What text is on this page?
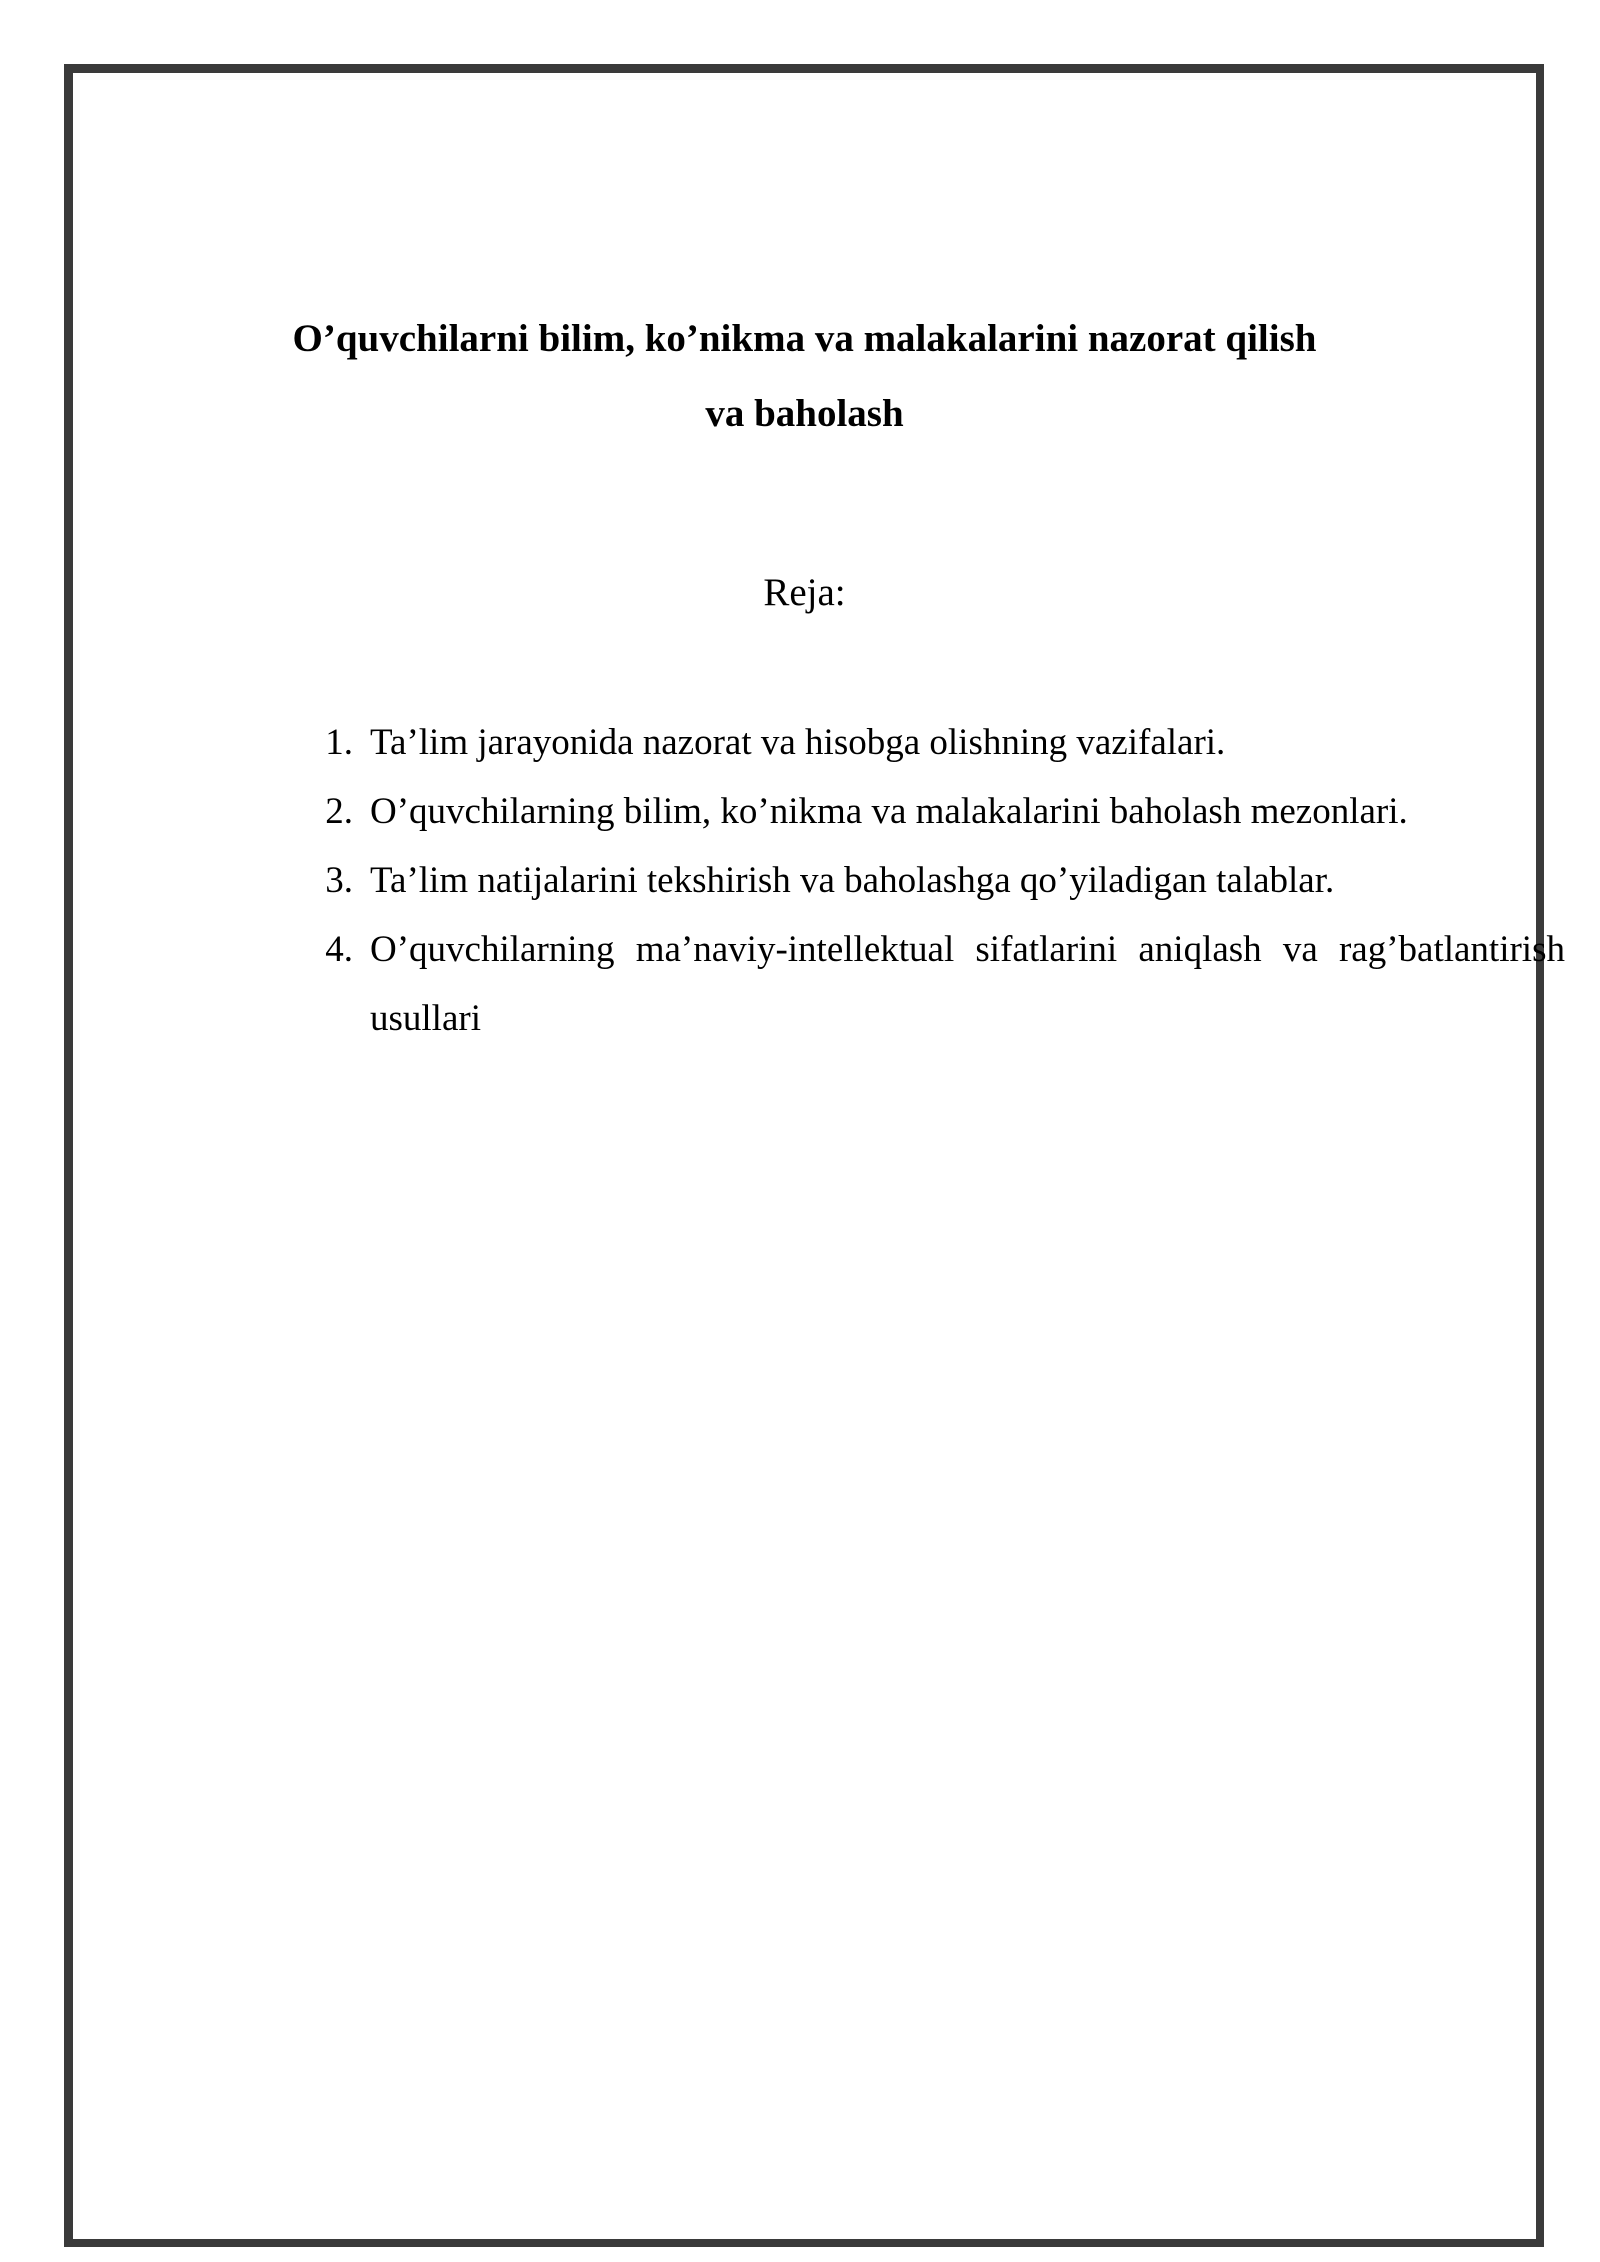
O’quvchilarni bilim, ko’nikma va malakalarini nazorat qilish
va baholash
Reja:
1. Ta’lim jarayonida nazorat va hisobga olishning vazifalari.
2. O’quvchilarning bilim, ko’nikma va malakalarini baholash mezonlari.
3. Ta’lim natijalarini tekshirish va baholashga qo’yiladigan talablar.
4. O’quvchilarning ma’naviy-intellektual sifatlarini aniqlash va rag’batlantirish usullari
